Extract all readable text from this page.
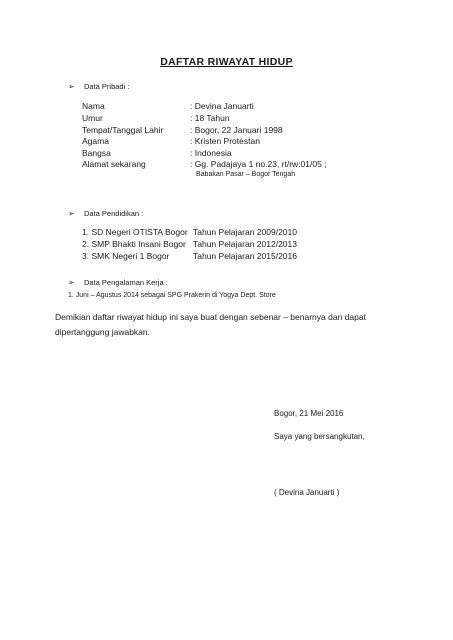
DAFTAR RIWAYAT HIDUP
➢ Data Pribadi :
Nama	: Devina Januarti
Umur	: 18 Tahun
Tempat/Tanggal Lahir	: Bogor, 22 Januari 1998
Agama	: Kristen Protestan
Bangsa	: Indonesia
Alamat sekarang	: Gg. Padajaya 1 no.23, rt/rw:01/05 ;
Babakan Pasar – Bogor Tengah
➢ Data Pendidikan :
1. SD Negeri OTISTA Bogor Tahun Pelajaran 2009/2010
2. SMP Bhakti Insani Bogor Tahun Pelajaran 2012/2013
3. SMK Negeri 1 Bogor	Tahun Pelajaran 2015/2016
➢ Data Pengalaman Kerja :
1. Juni – Agustus 2014 sebagai SPG Prakerin di Yogya Dept. Store
Demikian daftar riwayat hidup ini saya buat dengan sebenar – benarnya dan dapat dipertanggung jawabkan.
Bogor, 21 Mei 2016
Saya yang bersangkutan,
( Devina Januarti )
